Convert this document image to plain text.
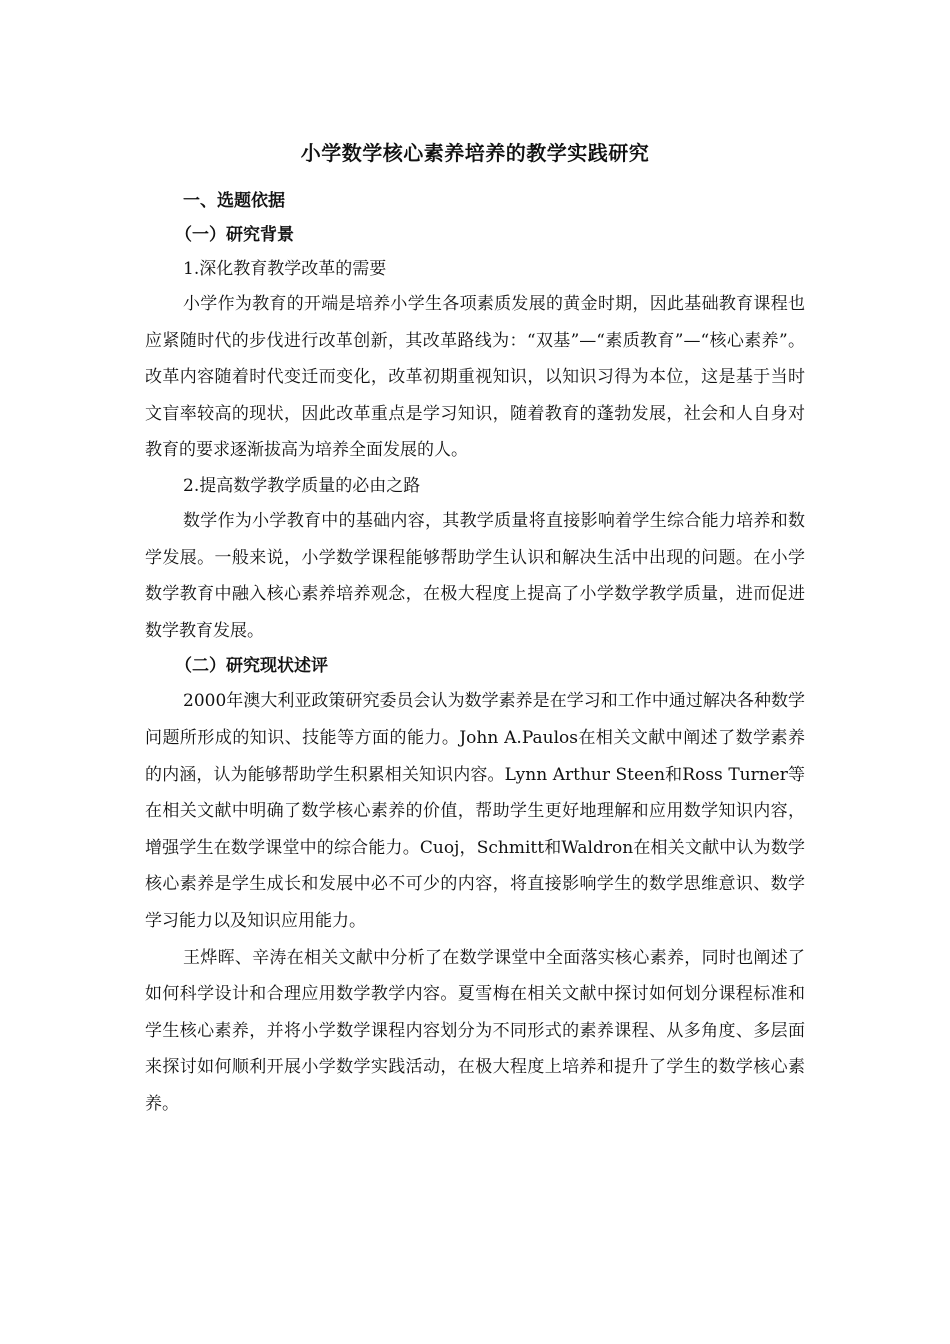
小学数学核心素养培养的教学实践研究
一、选题依据
（一）研究背景
1.深化教育教学改革的需要

小学作为教育的开端是培养小学生各项素质发展的黄金时期，因此基础教育课程也应紧随时代的步伐进行改革创新，其改革路线为：“双基”—“素质教育”—“核心素养”。改革内容随着时代变迁而变化，改革初期重视知识，以知识习得为本位，这是基于当时文盲率较高的现状，因此改革重点是学习知识，随着教育的蓬勃发展，社会和人自身对教育的要求逐渐拔高为培养全面发展的人。

2.提高数学教学质量的必由之路

数学作为小学教育中的基础内容，其教学质量将直接影响着学生综合能力培养和数学发展。一般来说，小学数学课程能够帮助学生认识和解决生活中出现的问题。在小学数学教育中融入核心素养培养观念，在极大程度上提高了小学数学教学质量，进而促进数学教育发展。

（二）研究现状述评

2000年澳大利亚政策研究委员会认为数学素养是在学习和工作中通过解决各种数学问题所形成的知识、技能等方面的能力。John A.Paulos在相关文献中阐述了数学素养的内涵，认为能够帮助学生积累相关知识内容。Lynn Arthur Steen和Ross Turner等在相关文献中明确了数学核心素养的价值，帮助学生更好地理解和应用数学知识内容，增强学生在数学课堂中的综合能力。Cuoj，Schmitt和Waldron在相关文献中认为数学核心素养是学生成长和发展中必不可少的内容，将直接影响学生的数学思维意识、数学学习能力以及知识应用能力。

王烨晖、辛涛在相关文献中分析了在数学课堂中全面落实核心素养，同时也阐述了如何科学设计和合理应用数学教学内容。夏雪梅在相关文献中探讨如何划分课程标准和学生核心素养，并将小学数学课程内容划分为不同形式的素养课程、从多角度、多层面来探讨如何顺利开展小学数学实践活动，在极大程度上培养和提升了学生的数学核心素养。
